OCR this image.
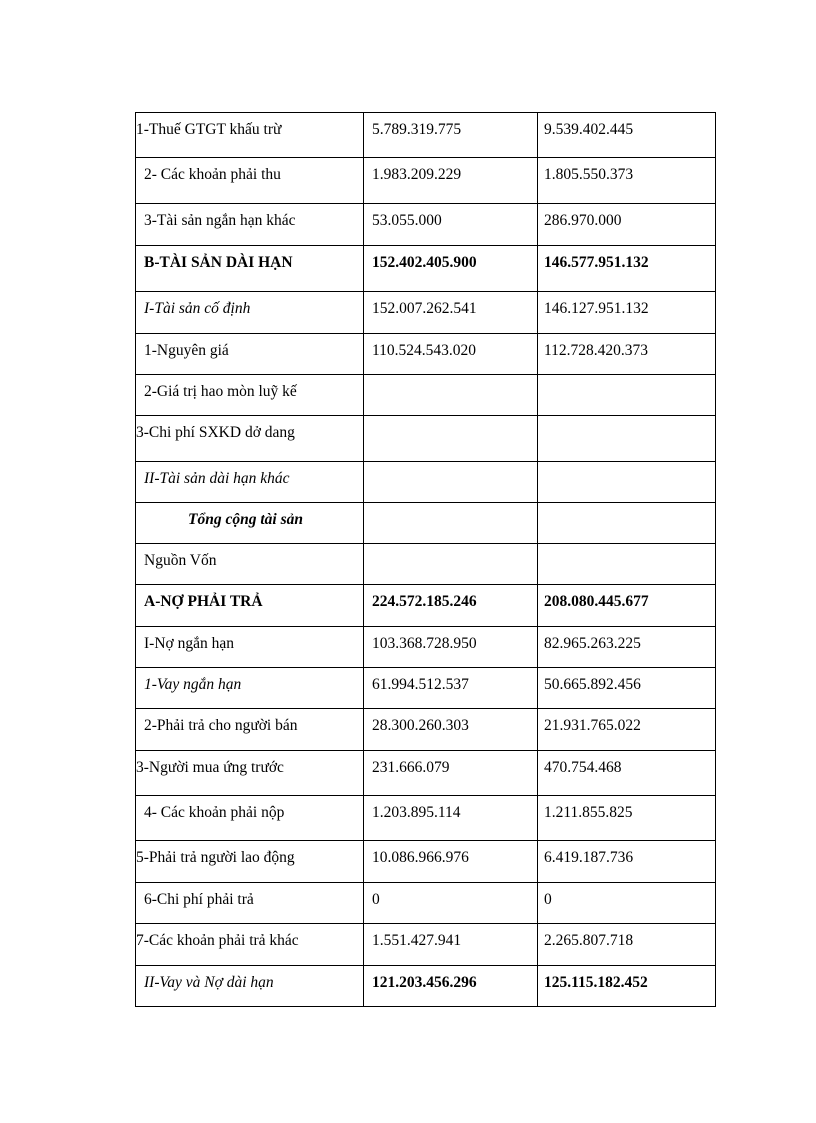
1-Thuế GTGT khấu trừ	5.789.319.775	9.539.402.445
2- Các khoản phải thu	1.983.209.229	1.805.550.373
3-Tài sản ngắn hạn khác	53.055.000	286.970.000
B-TÀI SẢN DÀI HẠN	152.402.405.900	146.577.951.132
I-Tài sản cố định	152.007.262.541	146.127.951.132
1-Nguyên giá	110.524.543.020	112.728.420.373
2-Giá trị hao mòn luỹ kế
3-Chi phí SXKD dở dang
II-Tài sản dài hạn khác
Tổng cộng tài sản
Nguồn Vốn
A-NỢ PHẢI TRẢ	224.572.185.246	208.080.445.677
I-Nợ ngắn hạn	103.368.728.950	82.965.263.225
1-Vay ngắn hạn	61.994.512.537	50.665.892.456
2-Phải trả cho người bán	28.300.260.303	21.931.765.022
3-Người mua ứng trước	231.666.079	470.754.468
4- Các khoản phải nộp	1.203.895.114	1.211.855.825
5-Phải trả người lao động	10.086.966.976	6.419.187.736
6-Chi phí phải trả	0	0
7-Các khoản phải trả khác	1.551.427.941	2.265.807.718
II-Vay và Nợ dài hạn	121.203.456.296	125.115.182.452
